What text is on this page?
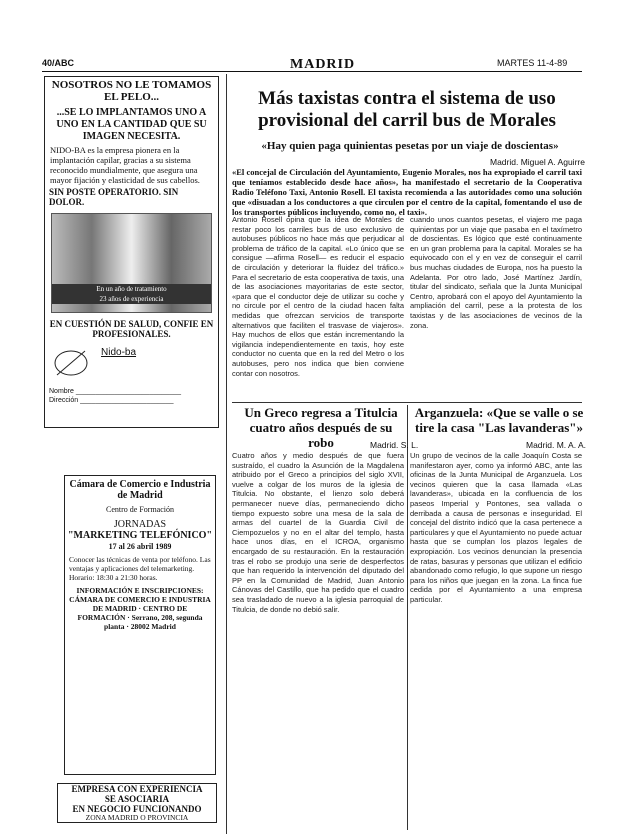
40/ABC	MADRID	MARTES 11-4-89
NOSOTROS NO LE TOMAMOS EL PELO...
...SE LO IMPLANTAMOS UNO A UNO EN LA CANTIDAD QUE SU IMAGEN NECESITA.
NIDO-BA es la empresa pionera en la implantación capilar, gracias a su sistema reconocido mundialmente, que asegura una mayor fijación y elasticidad de sus cabellos.
SIN POSTE OPERATORIO. SIN DOLOR.
En un año de tratamiento
23 años de experiencia
EN CUESTIÓN DE SALUD, CONFIE EN PROFESIONALES.
Nido-ba
Nombre ___________________________
Dirección ________________________
Cámara de Comercio e Industria de Madrid
Centro de Formación
JORNADAS
"MARKETING TELEFÓNICO"
17 al 26 abril 1989
Conocer las técnicas de venta por teléfono. Las ventajas y aplicaciones del telemarketing. Horario: 18:30 a 21:30 horas.
INFORMACIÓN E INSCRIPCIONES:
CÁMARA DE COMERCIO E INDUSTRIA DE MADRID · CENTRO DE FORMACIÓN · Serrano, 208, segunda planta · 28002 Madrid
EMPRESA CON EXPERIENCIA
SE ASOCIARIA
EN NEGOCIO FUNCIONANDO
ZONA MADRID O PROVINCIA
Más taxistas contra el sistema de uso provisional del carril bus de Morales
«Hay quien paga quinientas pesetas por un viaje de doscientas»
Madrid. Miguel A. Aguirre
«El concejal de Circulación del Ayuntamiento, Eugenio Morales, nos ha expropiado el carril taxi que teníamos establecido desde hace años», ha manifestado el secretario de la Cooperativa Radio Teléfono Taxi, Antonio Rosell. El taxista recomienda a las autoridades como una solución que «disuadan a los conductores a que circulen por el centro de la capital, fomentando el uso de los transportes públicos incluyendo, como no, el taxi».
Antonio Rosell opina que la idea de Morales de restar poco los carriles bus de uso exclusivo de autobuses públicos no hace más que perjudicar al problema de tráfico de la capital. «Lo único que se consigue —afirma Rosell— es reducir el espacio de circulación y deteriorar la fluidez del tráfico.» Para el secretario de esta cooperativa de taxis, una de las asociaciones mayoritarias de este sector, «para que el conductor deje de utilizar su coche y no circule por el centro de la ciudad hacen falta medidas que ofrezcan servicios de transporte alternativos que faciliten el trasvase de viajeros». Hay muchos de ellos que están incrementando la vigilancia independientemente en taxis, hoy este conductor no cuenta que en la red del Metro o los autobuses, pero nos indica que bien conviene contar con nosotros.
cuando unos cuantos pesetas, el viajero me paga quinientas por un viaje que pasaba en el taxímetro de doscientas. Es lógico que esté continuamente en un gran problema para la capital. Morales se ha equivocado con el y en vez de conseguir el carril bus muchas ciudades de Europa, nos ha puesto la Adelanta. Por otro lado, José Martínez Jardín, titular del sindicato, señala que la Junta Municipal Centro, aprobará con el apoyo del Ayuntamiento la ampliación del carril, pese a la protesta de los taxistas y de las asociaciones de vecinos de la zona.
Un Greco regresa a Titulcia cuatro años después de su robo	Madrid. S. L.
Cuatro años y medio después de que fuera sustraído, el cuadro la Asunción de la Magdalena atribuido por el Greco a principios del siglo XVII, vuelve a colgar de los muros de la iglesia de Titulcia. No obstante, el lienzo solo deberá permanecer nueve días, permaneciendo dicho tiempo expuesto sobre una mesa de la sala de armas del cuartel de la Guardia Civil de Ciempozuelos y no en el altar del templo, hasta hace unos días, en el ICROA, organismo encargado de su restauración. En la restauración tras el robo se produjo una serie de desperfectos que han requerido la intervención del diputado del PP en la Comunidad de Madrid, Juan Antonio Cánovas del Castillo, que ha pedido que el cuadro sea trasladado de nuevo a la iglesia parroquial de Titulcia, de donde no debió salir.
Arganzuela: «Que se valle o se tire la casa "Las lavanderas"»
Madrid. M. A. A.
Un grupo de vecinos de la calle Joaquín Costa se manifestaron ayer, como ya informó ABC, ante las oficinas de la Junta Municipal de Arganzuela. Los vecinos quieren que la casa llamada «Las lavanderas», ubicada en la confluencia de los paseos Imperial y Pontones, sea vallada o derribada a causa de personas e inseguridad. El concejal del distrito indicó que la casa pertenece a particulares y que el Ayuntamiento no puede actuar hasta que se cumplan los plazos legales de expropiación. Los vecinos denuncian la presencia de ratas, basuras y personas que utilizan el edificio abandonado como refugio, lo que supone un riesgo para los niños que juegan en la zona. La finca fue cedida por el Ayuntamiento a una empresa particular.
